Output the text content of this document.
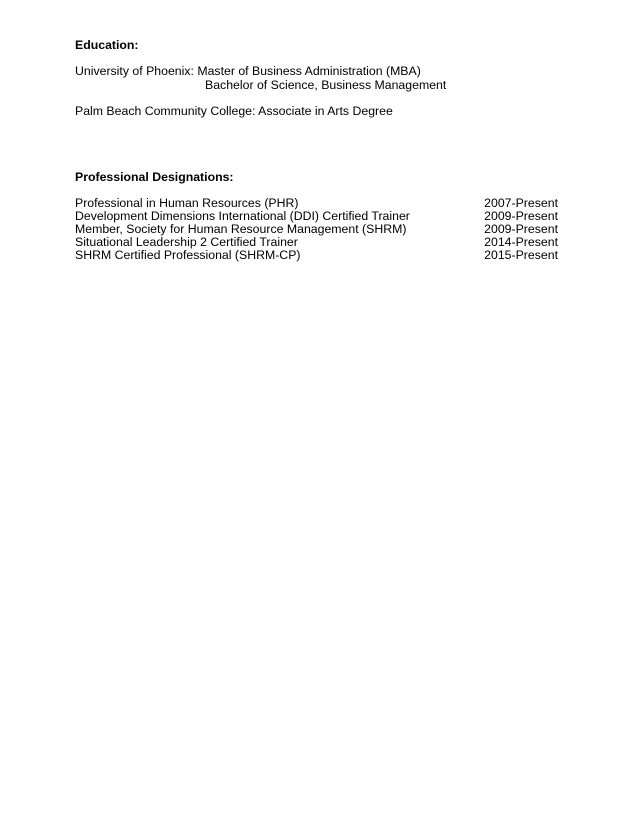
Education:
University of Phoenix: Master of Business Administration (MBA)
Bachelor of Science, Business Management
Palm Beach Community College: Associate in Arts Degree
Professional Designations:
Professional in Human Resources (PHR)	2007-Present
Development Dimensions International (DDI) Certified Trainer	2009-Present
Member, Society for Human Resource Management (SHRM)	2009-Present
Situational Leadership 2 Certified Trainer	2014-Present
SHRM Certified Professional (SHRM-CP)	2015-Present
